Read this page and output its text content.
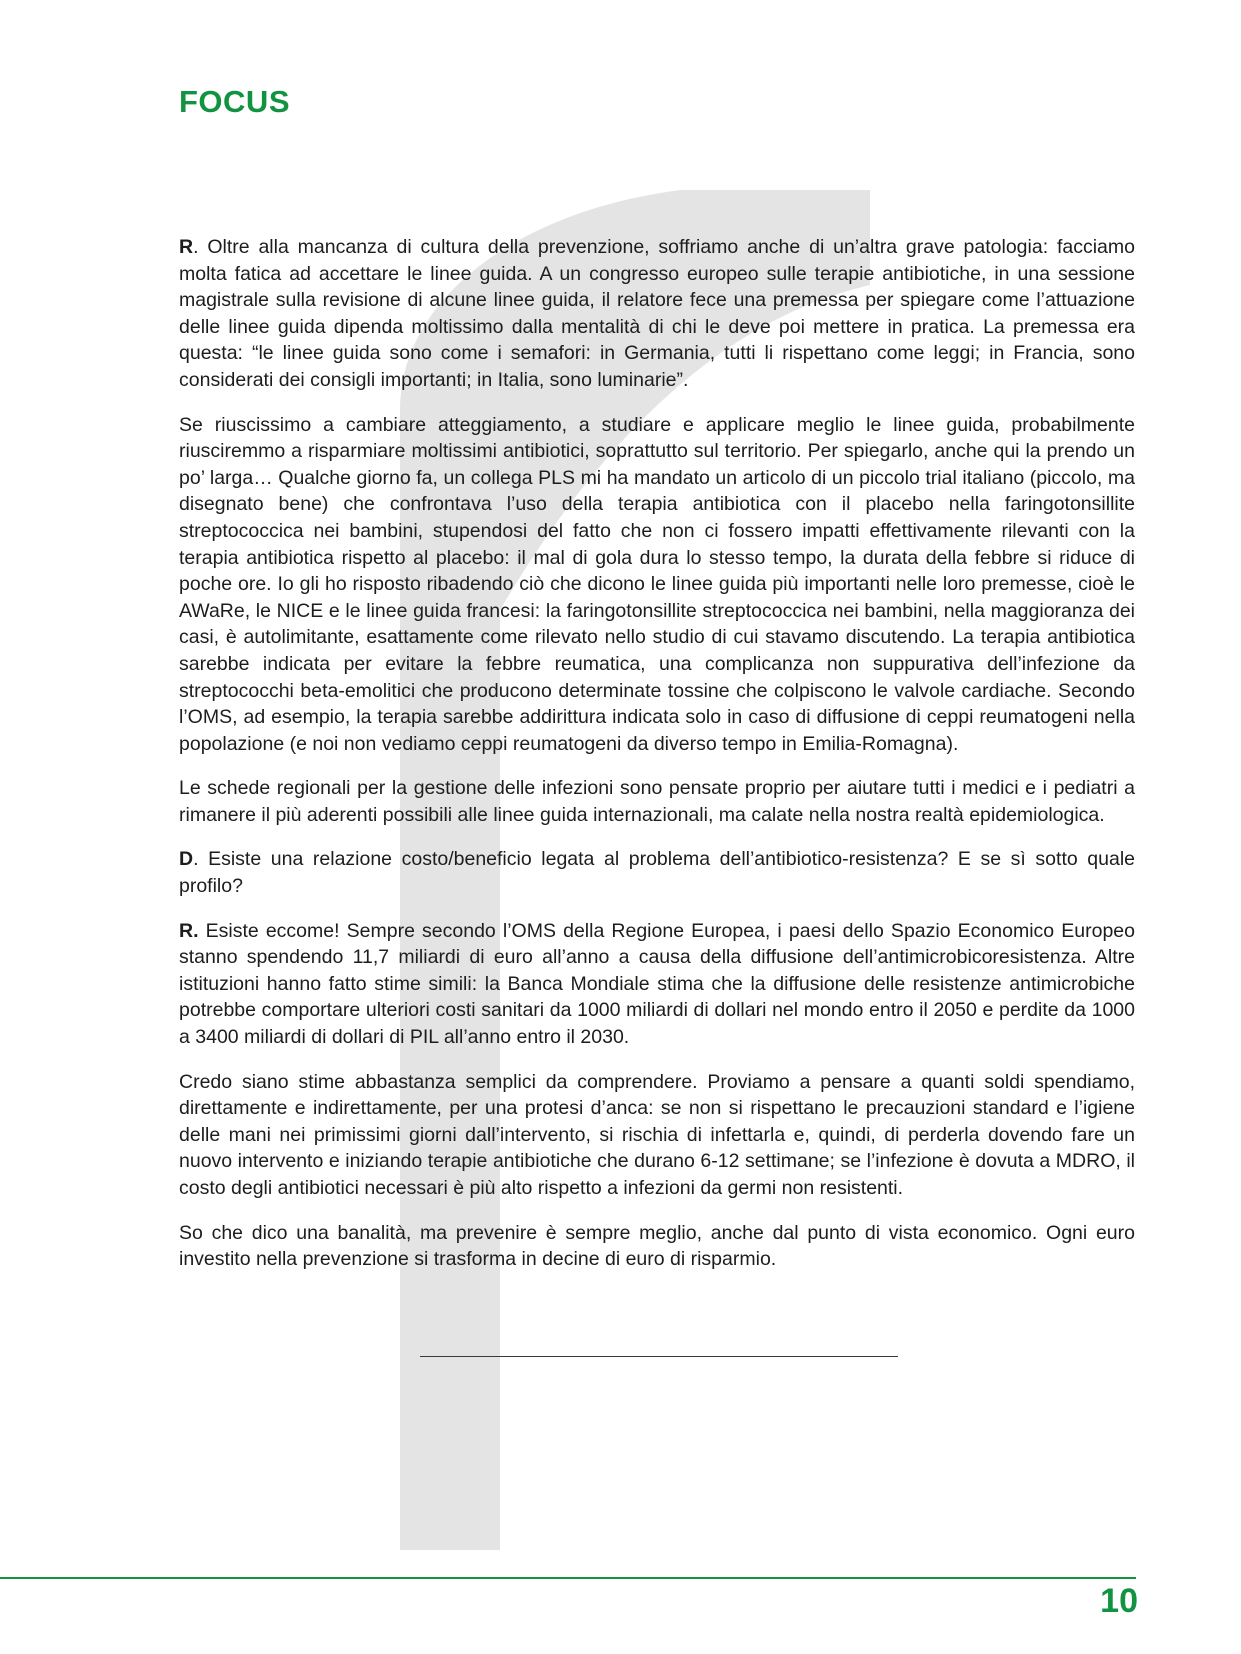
FOCUS

R. Oltre alla mancanza di cultura della prevenzione, soffriamo anche di un’altra grave patologia: facciamo molta fatica ad accettare le linee guida. A un congresso europeo sulle terapie antibiotiche, in una sessione magistrale sulla revisione di alcune linee guida, il relatore fece una premessa per spiegare come l’attuazione delle linee guida dipenda moltissimo dalla mentalità di chi le deve poi mettere in pratica. La premessa era questa: “le linee guida sono come i semafori: in Germania, tutti li rispettano come leggi; in Francia, sono considerati dei consigli importanti; in Italia, sono luminarie”.

Se riuscissimo a cambiare atteggiamento, a studiare e applicare meglio le linee guida, probabilmente riusciremmo a risparmiare moltissimi antibiotici, soprattutto sul territorio. Per spiegarlo, anche qui la prendo un po’ larga… Qualche giorno fa, un collega PLS mi ha mandato un articolo di un piccolo trial italiano (piccolo, ma disegnato bene) che confrontava l’uso della terapia antibiotica con il placebo nella faringotonsillite streptococcica nei bambini, stupendosi del fatto che non ci fossero impatti effettivamente rilevanti con la terapia antibiotica rispetto al placebo: il mal di gola dura lo stesso tempo, la durata della febbre si riduce di poche ore. Io gli ho risposto ribadendo ciò che dicono le linee guida più importanti nelle loro premesse, cioè le AWaRe, le NICE e le linee guida francesi: la faringotonsillite streptococcica nei bambini, nella maggioranza dei casi, è autolimitante, esattamente come rilevato nello studio di cui stavamo discutendo. La terapia antibiotica sarebbe indicata per evitare la febbre reumatica, una complicanza non suppurativa dell’infezione da streptococchi beta-emolitici che producono determinate tossine che colpiscono le valvole cardiache. Secondo l’OMS, ad esempio, la terapia sarebbe addirittura indicata solo in caso di diffusione di ceppi reumatogeni nella popolazione (e noi non vediamo ceppi reumatogeni da diverso tempo in Emilia-Romagna).

Le schede regionali per la gestione delle infezioni sono pensate proprio per aiutare tutti i medici e i pediatri a rimanere il più aderenti possibili alle linee guida internazionali, ma calate nella nostra realtà epidemiologica.

D. Esiste una relazione costo/beneficio legata al problema dell’antibiotico-resistenza? E se sì sotto quale profilo?

R. Esiste eccome! Sempre secondo l’OMS della Regione Europea, i paesi dello Spazio Economico Europeo stanno spendendo 11,7 miliardi di euro all’anno a causa della diffusione dell’antimicrobicoresistenza. Altre istituzioni hanno fatto stime simili: la Banca Mondiale stima che la diffusione delle resistenze antimicrobiche potrebbe comportare ulteriori costi sanitari da 1000 miliardi di dollari nel mondo entro il 2050 e perdite da 1000 a 3400 miliardi di dollari di PIL all’anno entro il 2030.

Credo siano stime abbastanza semplici da comprendere. Proviamo a pensare a quanti soldi spendiamo, direttamente e indirettamente, per una protesi d’anca: se non si rispettano le precauzioni standard e l’igiene delle mani nei primissimi giorni dall’intervento, si rischia di infettarla e, quindi, di perderla dovendo fare un nuovo intervento e iniziando terapie antibiotiche che durano 6-12 settimane; se l’infezione è dovuta a MDRO, il costo degli antibiotici necessari è più alto rispetto a infezioni da germi non resistenti.

So che dico una banalità, ma prevenire è sempre meglio, anche dal punto di vista economico. Ogni euro investito nella prevenzione si trasforma in decine di euro di risparmio.

10
